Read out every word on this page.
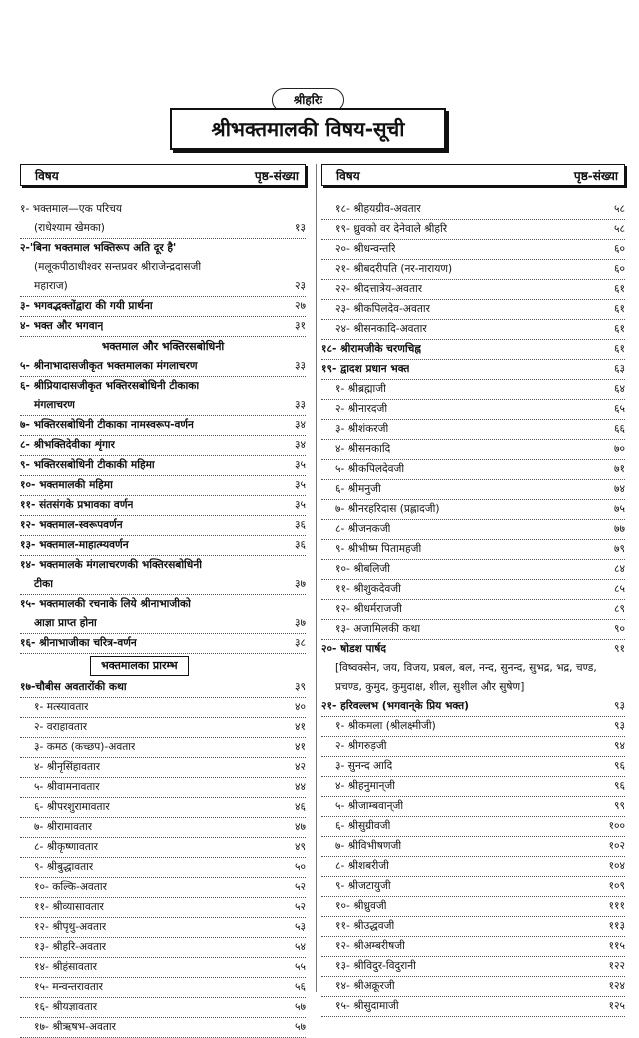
श्रीहरिः
श्रीभक्तमालकी विषय-सूची
विषय	पृष्ठ-संख्या
१- भक्तमाल—एक परिचय
(राधेश्याम खेमका)	१३
२-'बिना भक्तमाल भक्तिरूप अति दूर है'
(मलूकपीठाधीश्वर सन्तप्रवर श्रीराजेन्द्रदासजी
महाराज)	२३
३- भगवद्भक्तोंद्वारा की गयी प्रार्थना	२७
४- भक्त और भगवान्	३१
भक्तमाल और भक्तिरसबोधिनी
५- श्रीनाभादासजीकृत भक्तमालका मंगलाचरण	३३
६- श्रीप्रियादासजीकृत भक्तिरसबोधिनी टीकाका
मंगलाचरण	३३
७- भक्तिरसबोधिनी टीकाका नामस्वरूप-वर्णन	३४
८- श्रीभक्तिदेवीका शृंगार	३४
९- भक्तिरसबोधिनी टीकाकी महिमा	३५
१०- भक्तमालकी महिमा	३५
११- संतसंगके प्रभावका वर्णन	३५
१२- भक्तमाल-स्वरूपवर्णन	३६
१३- भक्तमाल-माहात्म्यवर्णन	३६
१४- भक्तमालके मंगलाचरणकी भक्तिरसबोधिनी
टीका	३७
१५- भक्तमालकी रचनाके लिये श्रीनाभाजीको
आज्ञा प्राप्त होना	३७
१६- श्रीनाभाजीका चरित्र-वर्णन	३८
भक्तमालका प्रारम्भ
१७-चौबीस अवतारोंकी कथा	३९
१- मत्स्यावतार	४०
२- वराहावतार	४१
३- कमठ (कच्छप)-अवतार	४१
४- श्रीनृसिंहावतार	४२
५- श्रीवामनावतार	४४
६- श्रीपरशुरामावतार	४६
७- श्रीरामावतार	४७
८- श्रीकृष्णावतार	४९
९- श्रीबुद्धावतार	५०
१०- कल्कि-अवतार	५२
११- श्रीव्यासावतार	५२
१२- श्रीपृथु-अवतार	५३
१३- श्रीहरि-अवतार	५४
१४- श्रीहंसावतार	५५
१५- मन्वन्तरावतार	५६
१६- श्रीयज्ञावतार	५७
१७- श्रीऋषभ-अवतार	५७
विषय	पृष्ठ-संख्या
१८- श्रीहयग्रीव-अवतार	५८
१९- ध्रुवको वर देनेवाले श्रीहरि	५८
२०- श्रीधन्वन्तरि	६०
२१- श्रीबदरीपति (नर-नारायण)	६०
२२- श्रीदत्तात्रेय-अवतार	६१
२३- श्रीकपिलदेव-अवतार	६१
२४- श्रीसनकादि-अवतार	६१
१८- श्रीरामजीके चरणचिह्न	६१
१९- द्वादश प्रधान भक्त	६३
१- श्रीब्रह्माजी	६४
२- श्रीनारदजी	६५
३- श्रीशंकरजी	६६
४- श्रीसनकादि	७०
५- श्रीकपिलदेवजी	७१
६- श्रीमनुजी	७४
७- श्रीनरहरिदास (प्रह्लादजी)	७५
८- श्रीजनकजी	७७
९- श्रीभीष्म पितामहजी	७९
१०- श्रीबलिजी	८४
११- श्रीशुकदेवजी	८५
१२- श्रीधर्मराजजी	८९
१३- अजामिलकी कथा	९०
२०- षोडश पार्षद	९१
[विष्वक्सेन, जय, विजय, प्रबल, बल, नन्द, सुनन्द, सुभद्र, भद्र, चण्ड, प्रचण्ड, कुमुद, कुमुदाक्ष, शील, सुशील और सुषेण]
२१- हरिवल्लभ (भगवान्‌के प्रिय भक्त)	९३
१- श्रीकमला (श्रीलक्ष्मीजी)	९३
२- श्रीगरुड़जी	९४
३- सुनन्द आदि	९६
४- श्रीहनुमान्‌जी	९६
५- श्रीजाम्बवान्‌जी	९९
६- श्रीसुग्रीवजी	१००
७- श्रीविभीषणजी	१०२
८- श्रीशबरीजी	१०४
९- श्रीजटायुजी	१०९
१०- श्रीध्रुवजी	१११
११- श्रीउद्धवजी	११३
१२- श्रीअम्बरीषजी	११५
१३- श्रीविदुर-विदुरानी	१२२
१४- श्रीअक्रूरजी	१२४
१५- श्रीसुदामाजी	१२५
